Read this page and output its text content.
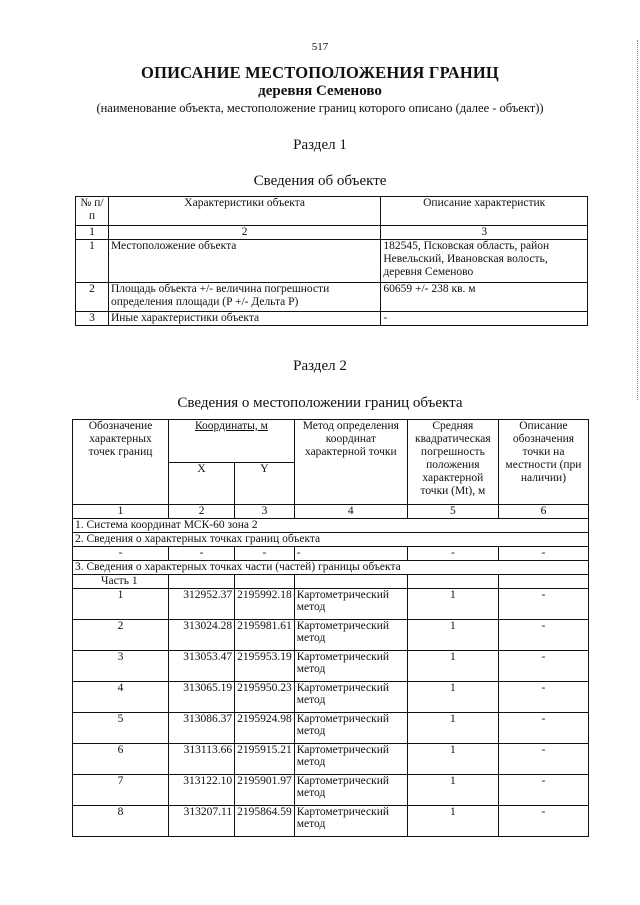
517
ОПИСАНИЕ МЕСТОПОЛОЖЕНИЯ ГРАНИЦ
деревня Семеново
(наименование объекта, местоположение границ которого описано (далее - объект))
Раздел 1
Сведения об объекте
№ п/п	Характеристики объекта	Описание характеристик
1	2	3
1	Местоположение объекта	182545, Псковская область, район Невельский, Ивановская волость, деревня Семеново
2	Площадь объекта +/- величина погрешности определения площади (P +/- Дельта P)	60659 +/- 238 кв. м
3	Иные характеристики объекта	-
Раздел 2
Сведения о местоположении границ объекта
Обозначение характерных точек границ	Координаты, м		Метод определения координат характерной точки	Средняя квадратическая погрешность положения характерной точки (Mt), м	Описание обозначения точки на местности (при наличии)
	X	Y			
1	2	3	4	5	6
1. Система координат МСК-60 зона 2					
2. Сведения о характерных точках границ объекта					
-	-	-	-	-	-
3. Сведения о характерных точках части (частей) границы объекта					
Часть 1					
1	312952.37	2195992.18	Картометрический метод	1	-
2	313024.28	2195981.61	Картометрический метод	1	-
3	313053.47	2195953.19	Картометрический метод	1	-
4	313065.19	2195950.23	Картометрический метод	1	-
5	313086.37	2195924.98	Картометрический метод	1	-
6	313113.66	2195915.21	Картометрический метод	1	-
7	313122.10	2195901.97	Картометрический метод	1	-
8	313207.11	2195864.59	Картометрический метод	1	-
